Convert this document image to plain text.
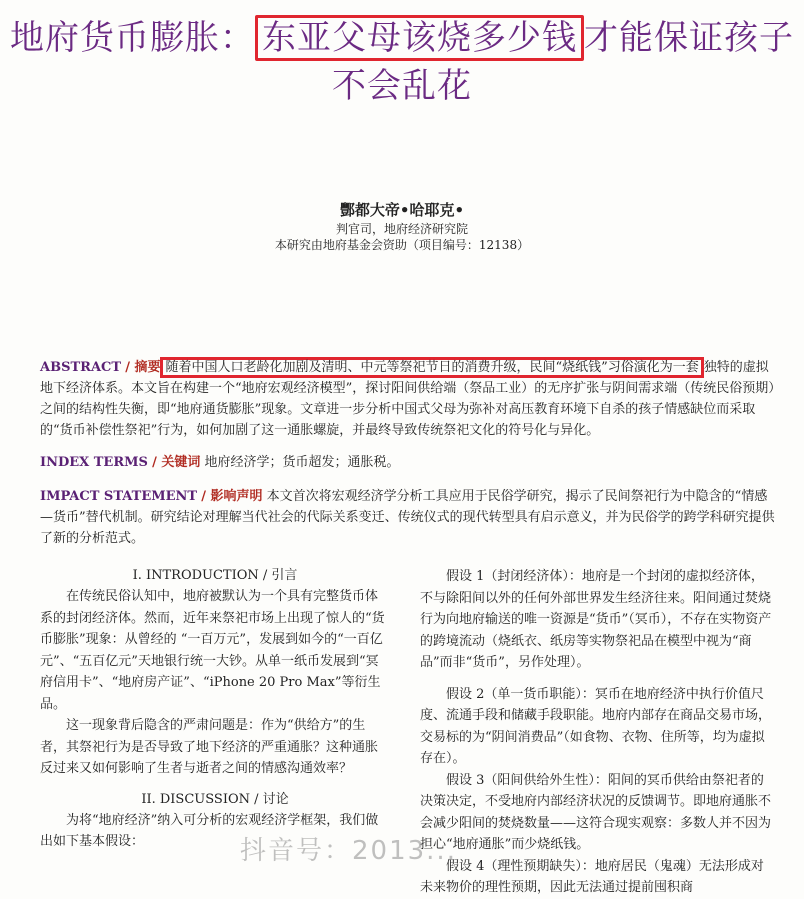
地府货币膨胀： 东亚父母该烧多少钱 才能保证孩子不会乱花
酆都大帝•哈耶克•
判官司，地府经济研究院
本研究由地府基金会资助（项目编号：12138）
ABSTRACT / 摘要 随着中国人口老龄化加剧及清明、中元等祭祀节日的消费升级，民间“烧纸钱”习俗演化为一套 独特的虚拟地下经济体系。本文旨在构建一个“地府宏观经济模型”，探讨阳间供给端（祭品工业）的无序扩张与阴间需求端（传统民俗预期）之间的结构性失衡，即“地府通货膨胀”现象。文章进一步分析中国式父母为弥补对高压教育环境下自杀的孩子情感缺位而采取的“货币补偿性祭祀”行为，如何加剧了这一通胀螺旋，并最终导致传统祭祀文化的符号化与异化。
INDEX TERMS / 关键词 地府经济学；货币超发；通胀税。
IMPACT STATEMENT / 影响声明 本文首次将宏观经济学分析工具应用于民俗学研究，揭示了民间祭祀行为中隐含的“情感—货币”替代机制。研究结论对理解当代社会的代际关系变迁、传统仪式的现代转型具有启示意义，并为民俗学的跨学科研究提供了新的分析范式。
I. INTRODUCTION / 引言

在传统民俗认知中，地府被默认为一个具有完整货币体系的封闭经济体。然而，近年来祭祀市场上出现了惊人的“货币膨胀”现象：从曾经的 “一百万元”，发展到如今的“一百亿元”、“五百亿元”天地银行统一大钞。从单一纸币发展到“冥府信用卡”、“地府房产证”、“iPhone 20 Pro Max”等衍生品。

这一现象背后隐含的严肃问题是：作为“供给方”的生者，其祭祀行为是否导致了地下经济的严重通胀？这种通胀反过来又如何影响了生者与逝者之间的情感沟通效率？

II. DISCUSSION / 讨论

为将“地府经济”纳入可分析的宏观经济学框架，我们做出如下基本假设：

假设 1（封闭经济体）：地府是一个封闭的虚拟经济体，不与除阳间以外的任何外部世界发生经济往来。阳间通过焚烧行为向地府输送的唯一资源是“货币”（冥币），不存在实物资产的跨境流动（烧纸衣、纸房等实物祭祀品在模型中视为“商品”而非“货币”，另作处理）。

假设 2（单一货币职能）：冥币在地府经济中执行价值尺度、流通手段和储藏手段职能。地府内部存在商品交易市场，交易标的为“阴间消费品”（如食物、衣物、住所等，均为虚拟存在）。

假设 3（阳间供给外生性）：阳间的冥币供给由祭祀者的决策决定，不受地府内部经济状况的反馈调节。即地府通胀不会减少阳间的焚烧数量——这符合现实观察：多数人并不因为担心“地府通胀”而少烧纸钱。

假设 4（理性预期缺失）：地府居民（鬼魂）无法形成对未来物价的理性预期，因此无法通过提前囤积商

抖音号：2013...
